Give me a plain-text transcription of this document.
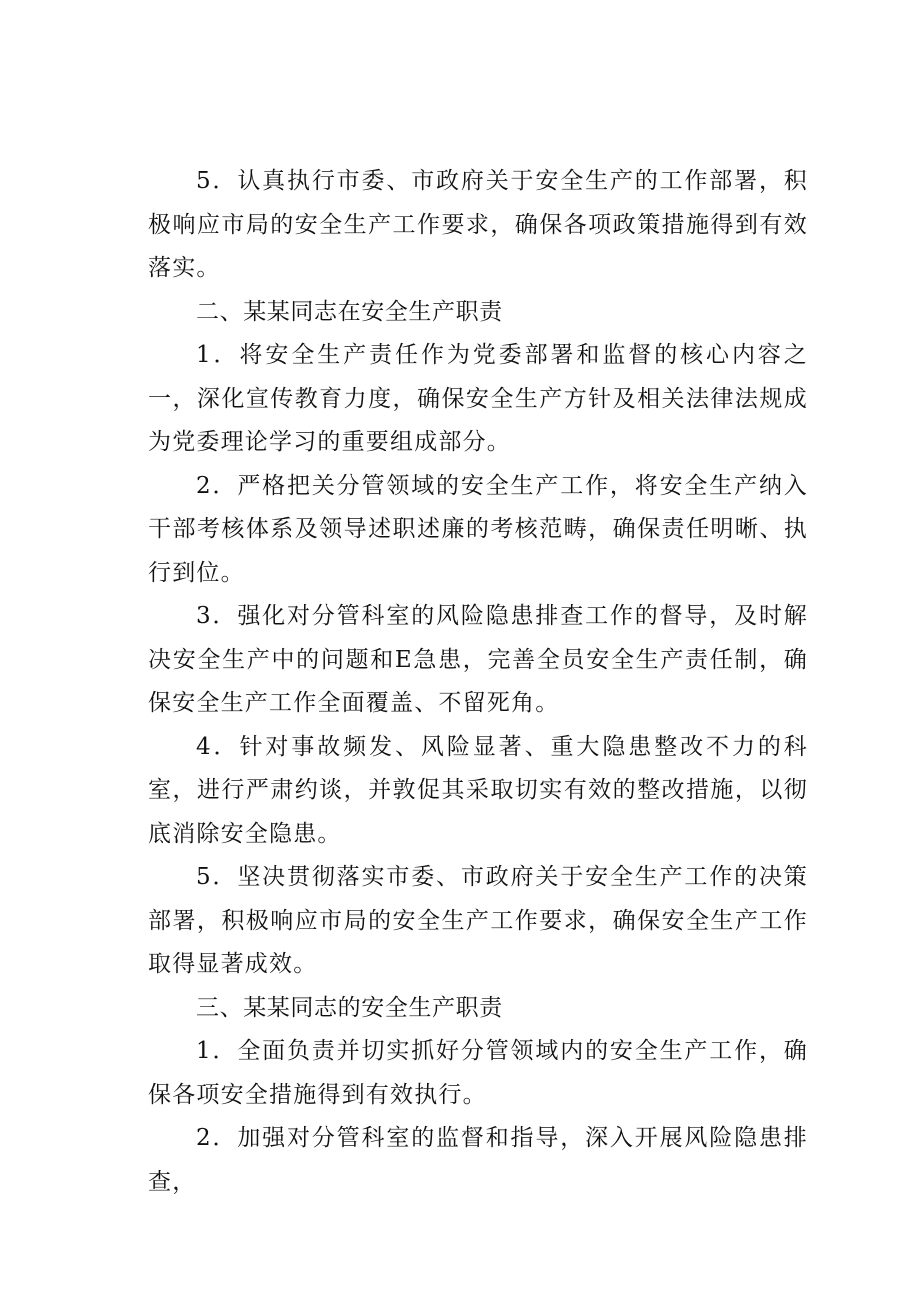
5．认真执行市委、市政府关于安全生产的工作部署，积极响应市局的安全生产工作要求，确保各项政策措施得到有效落实。

二、某某同志在安全生产职责

1．将安全生产责任作为党委部署和监督的核心内容之一，深化宣传教育力度，确保安全生产方针及相关法律法规成为党委理论学习的重要组成部分。

2．严格把关分管领域的安全生产工作，将安全生产纳入干部考核体系及领导述职述廉的考核范畴，确保责任明晰、执行到位。

3．强化对分管科室的风险隐患排查工作的督导，及时解决安全生产中的问题和E急患，完善全员安全生产责任制，确保安全生产工作全面覆盖、不留死角。

4．针对事故频发、风险显著、重大隐患整改不力的科室，进行严肃约谈，并敦促其采取切实有效的整改措施，以彻底消除安全隐患。

5．坚决贯彻落实市委、市政府关于安全生产工作的决策部署，积极响应市局的安全生产工作要求，确保安全生产工作取得显著成效。

三、某某同志的安全生产职责

1．全面负责并切实抓好分管领域内的安全生产工作，确保各项安全措施得到有效执行。

2．加强对分管科室的监督和指导，深入开展风险隐患排查，
